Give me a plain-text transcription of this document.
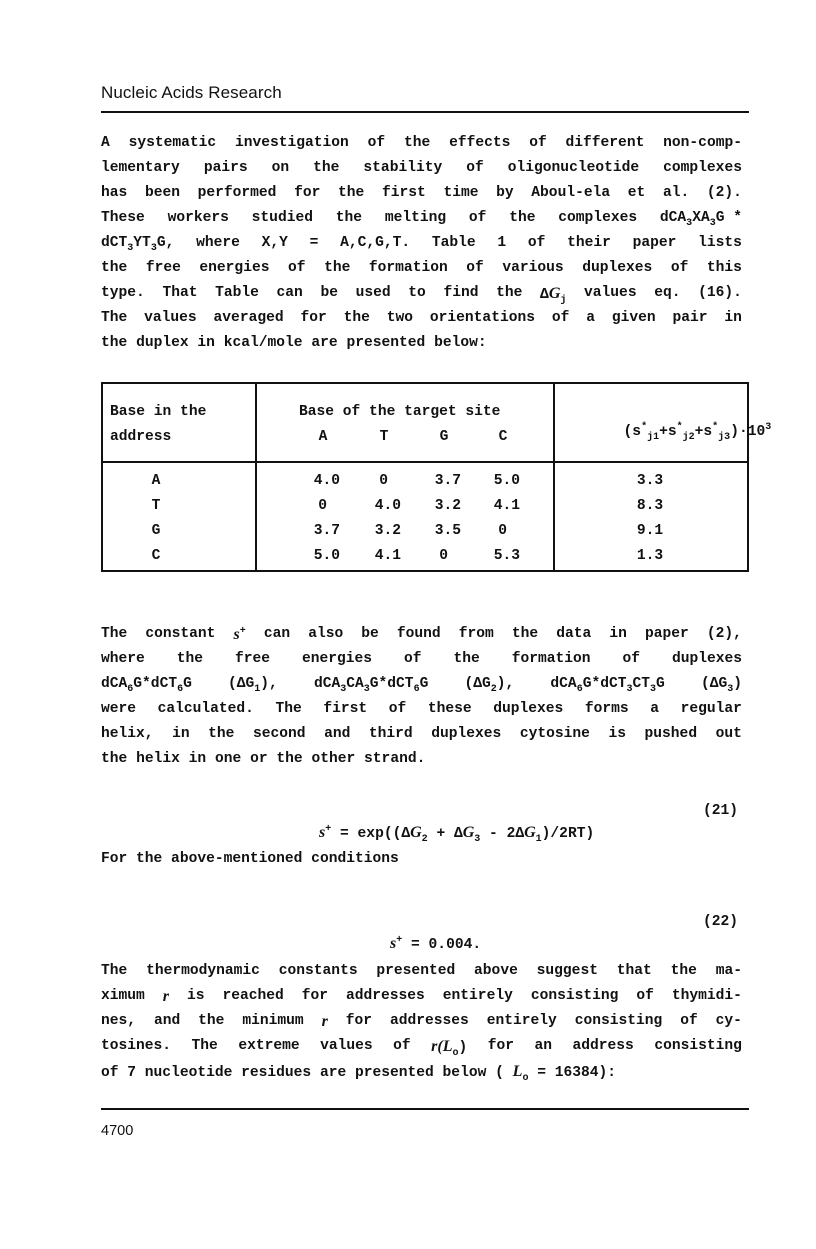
Nucleic Acids Research
A systematic investigation of the effects of different non-comp-
lementary pairs on the stability of oligonucleotide complexes
has been performed for the first time by Aboul-ela et al. (2).
These workers studied the melting of the complexes $dCA_3XA_3G$ *
$dCT_3YT_3G$, where X,Y = A,C,G,T. Table 1 of their paper lists
the free energies of the formation of various duplexes of this
type. That Table can be used to find the $\Delta G_j$ values eq. (16).
The values averaged for the two orientations of a given pair in
the duplex in kcal/mole are presented below:
Base in the
address
Base of the target site
A	T	G	C	$(s^*_{j1}+s^*_{j2}+s^*_{j3})\cdot 10^3$

A	4.0	0	3.7 5.0	3.3
T	0	4.0 3.2 4.1	8.3
G	3.7 3.2 3.5	0	9.1
C	5.0 4.1	0	5.3	1.3
The constant s+ can also be found from the data in paper (2),
where the free energies of the formation of duplexes
dCA$_6$G*dCT$_6$G $(\Delta G_1)$, $dCA_3CA_3G*dCT_6G$ $(\Delta G_2)$, $dCA_6G*dCT_3CT_3G$ $(\Delta G_3)$
were calculated. The first of these duplexes forms a regular
helix, in the second and third duplexes cytosine is pushed out
the helix in one or the other strand.

$s^+ = \exp((\Delta G_2 + \Delta G_3 - 2\Delta G_1)/2RT)$

(21)
For the above-mentioned conditions

s+ = 0.004.

(22)
The thermodynamic constants presented above suggest that the ma-
ximum r is reached for addresses entirely consisting of thymidi-
nes, and the minimum r for addresses entirely consisting of cy-
tosines. The extreme values of $r(L_o)$ for an address consisting
of 7 nucleotide residues are presented below ( $L_o = 16384$):
4700
